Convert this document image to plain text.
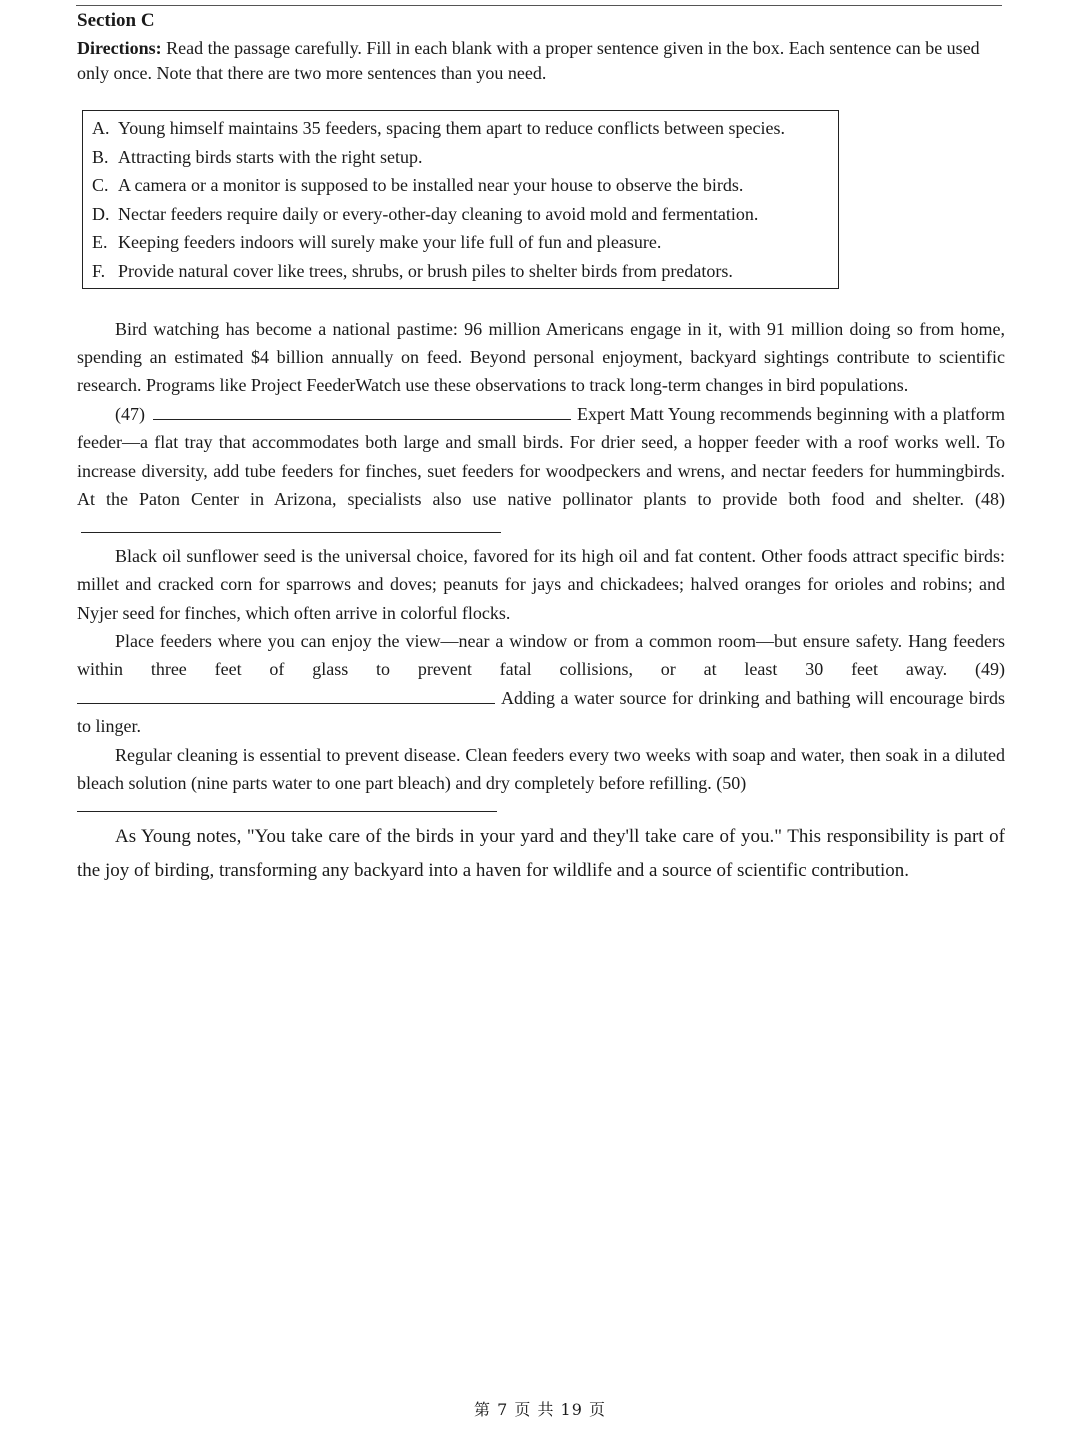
Section C
Directions: Read the passage carefully. Fill in each blank with a proper sentence given in the box. Each sentence can be used only once. Note that there are two more sentences than you need.
A. Young himself maintains 35 feeders, spacing them apart to reduce conflicts between species.
B. Attracting birds starts with the right setup.
C. A camera or a monitor is supposed to be installed near your house to observe the birds.
D. Nectar feeders require daily or every-other-day cleaning to avoid mold and fermentation.
E. Keeping feeders indoors will surely make your life full of fun and pleasure.
F. Provide natural cover like trees, shrubs, or brush piles to shelter birds from predators.

Bird watching has become a national pastime: 96 million Americans engage in it, with 91 million doing so from home, spending an estimated $4 billion annually on feed. Beyond personal enjoyment, backyard sightings contribute to scientific research. Programs like Project FeederWatch use these observations to track long-term changes in bird populations.

(47)	Expert Matt Young recommends beginning with a platform feeder—a flat tray that accommodates both large and small birds. For drier seed, a hopper feeder with a roof works well. To increase diversity, add tube feeders for finches, suet feeders for woodpeckers and wrens, and nectar feeders for hummingbirds. At the Paton Center in Arizona, specialists also use native pollinator plants to provide both food and shelter. (48)

Black oil sunflower seed is the universal choice, favored for its high oil and fat content. Other foods attract specific birds: millet and cracked corn for sparrows and doves; peanuts for jays and chickadees; halved oranges for orioles and robins; and Nyjer seed for finches, which often arrive in colorful flocks.

Place feeders where you can enjoy the view—near a window or from a common room—but ensure safety. Hang feeders within three feet of glass to prevent fatal collisions, or at least 30 feet away. (49) Adding a water source for drinking and bathing will encourage birds to linger.

Regular cleaning is essential to prevent disease. Clean feeders every two weeks with soap and water, then soak in a diluted bleach solution (nine parts water to one part bleach) and dry completely before refilling. (50)

As Young notes, "You take care of the birds in your yard and they'll take care of you." This responsibility is part of the joy of birding, transforming any backyard into a haven for wildlife and a source of scientific contribution.

第 7 页 共 19 页
